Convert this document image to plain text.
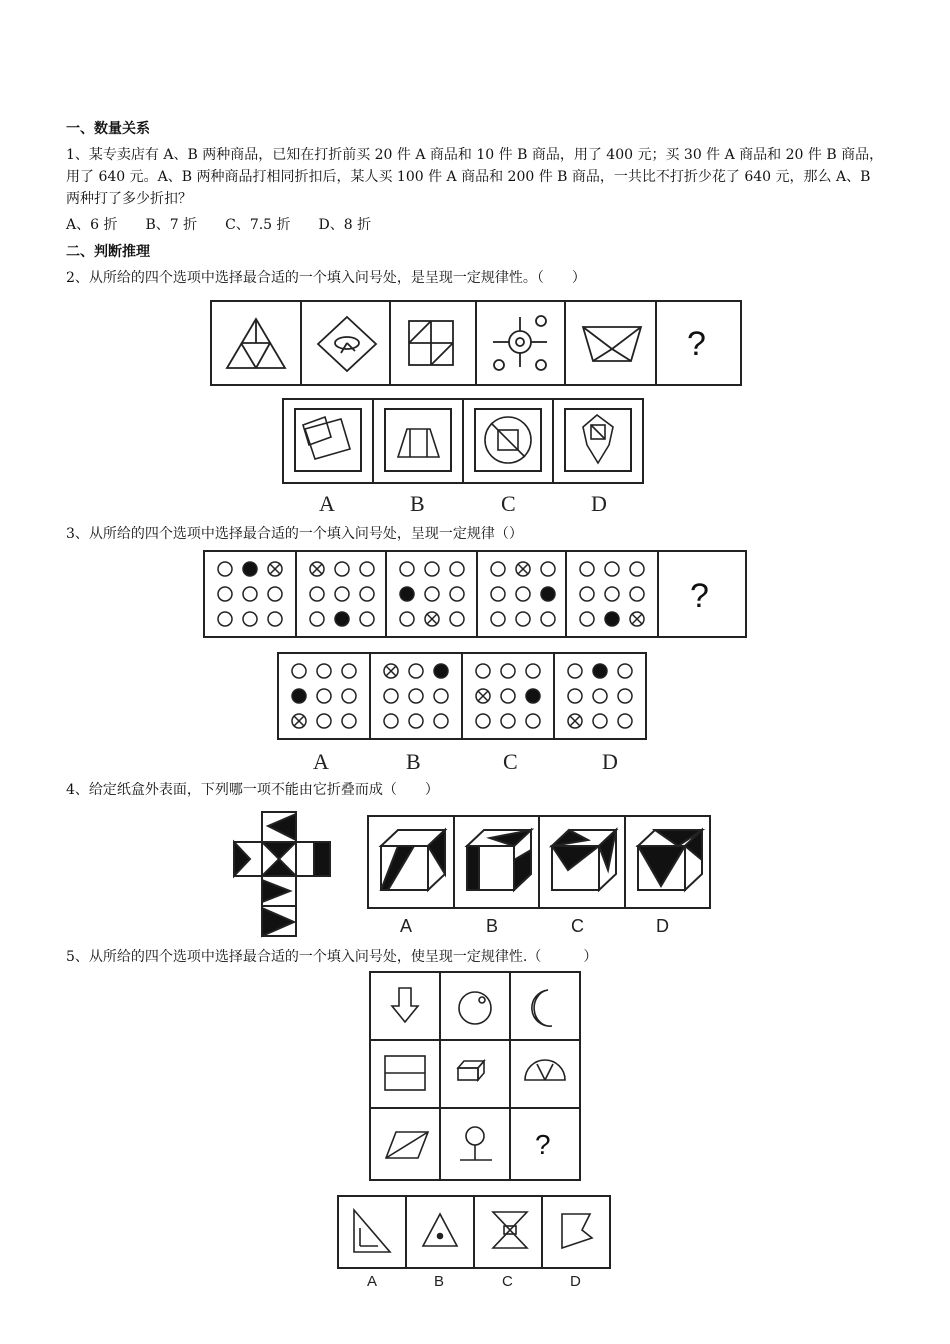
一、数量关系
1、某专卖店有 A、B 两种商品，已知在打折前买 20 件 A 商品和 10 件 B 商品，用了 400 元；买 30 件 A 商品和 20 件 B 商品，用了 640 元。A、B 两种商品打相同折扣后，某人买 100 件 A 商品和 200 件 B 商品，一共比不打折少花了 640 元，那么 A、B 两种打了多少折扣？
A、6 折　　B、7 折　　C、7.5 折　　D、8 折
二、判断推理
2、从所给的四个选项中选择最合适的一个填入问号处，是呈现一定规律性。（　　）
?
A	B	C	D
3、从所给的四个选项中选择最合适的一个填入问号处，呈现一定规律（）
?
A	B	C	D
4、给定纸盒外表面，下列哪一项不能由它折叠而成（　　）
A	B	C	D
5、从所给的四个选项中选择最合适的一个填入问号处，使呈现一定规律性.（　　　）
?
A	B	C	D
